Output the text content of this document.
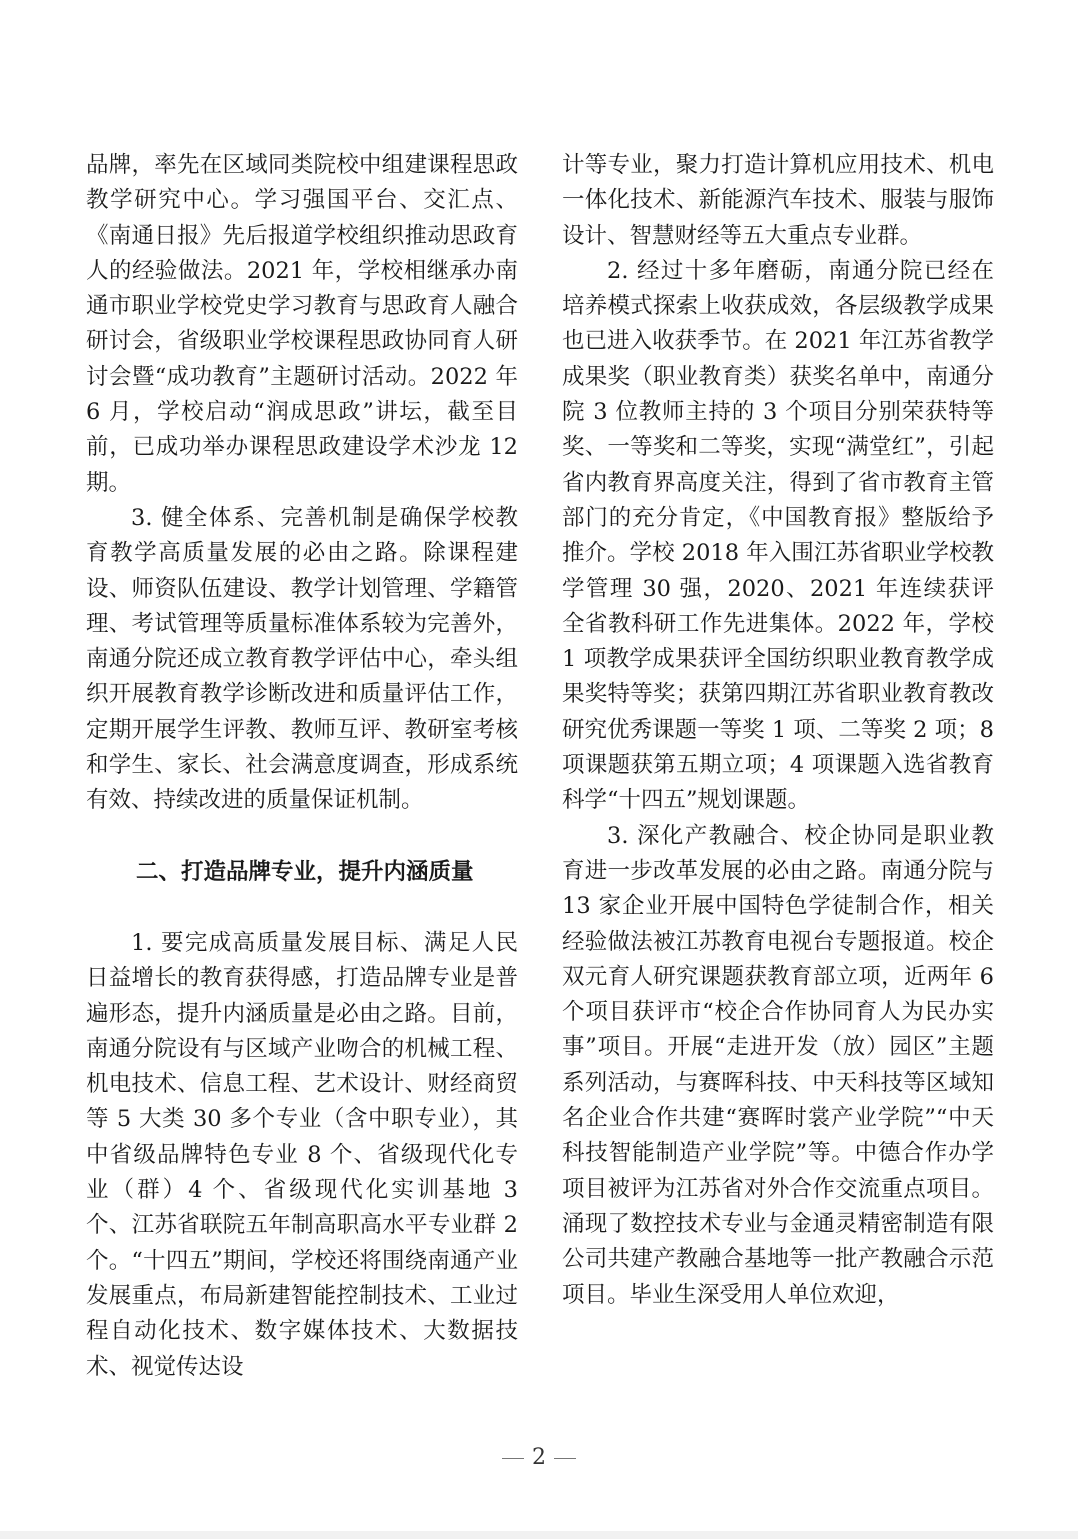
品牌，率先在区域同类院校中组建课程思政教学研究中心。学习强国平台、交汇点、《南通日报》先后报道学校组织推动思政育人的经验做法。2021 年，学校相继承办南通市职业学校党史学习教育与思政育人融合研讨会，省级职业学校课程思政协同育人研讨会暨“成功教育”主题研讨活动。2022 年 6 月，学校启动“润成思政”讲坛，截至目前，已成功举办课程思政建设学术沙龙 12 期。

3. 健全体系、完善机制是确保学校教育教学高质量发展的必由之路。除课程建设、师资队伍建设、教学计划管理、学籍管理、考试管理等质量标准体系较为完善外，南通分院还成立教育教学评估中心，牵头组织开展教育教学诊断改进和质量评估工作，定期开展学生评教、教师互评、教研室考核和学生、家长、社会满意度调查，形成系统有效、持续改进的质量保证机制。

二、打造品牌专业，提升内涵质量

1. 要完成高质量发展目标、满足人民日益增长的教育获得感，打造品牌专业是普遍形态，提升内涵质量是必由之路。目前，南通分院设有与区域产业吻合的机械工程、机电技术、信息工程、艺术设计、财经商贸等 5 大类 30 多个专业（含中职专业），其中省级品牌特色专业 8 个、省级现代化专业（群）4 个、省级现代化实训基地 3 个、江苏省联院五年制高职高水平专业群 2 个。“十四五”期间，学校还将围绕南通产业发展重点，布局新建智能控制技术、工业过程自动化技术、数字媒体技术、大数据技术、视觉传达设

计等专业，聚力打造计算机应用技术、机电一体化技术、新能源汽车技术、服装与服饰设计、智慧财经等五大重点专业群。

2. 经过十多年磨砺，南通分院已经在培养模式探索上收获成效，各层级教学成果也已进入收获季节。在 2021 年江苏省教学成果奖（职业教育类）获奖名单中，南通分院 3 位教师主持的 3 个项目分别荣获特等奖、一等奖和二等奖，实现“满堂红”，引起省内教育界高度关注，得到了省市教育主管部门的充分肯定，《中国教育报》整版给予推介。学校 2018 年入围江苏省职业学校教学管理 30 强，2020、2021 年连续获评全省教科研工作先进集体。2022 年，学校 1 项教学成果获评全国纺织职业教育教学成果奖特等奖；获第四期江苏省职业教育教改研究优秀课题一等奖 1 项、二等奖 2 项；8 项课题获第五期立项；4 项课题入选省教育科学“十四五”规划课题。

3. 深化产教融合、校企协同是职业教育进一步改革发展的必由之路。南通分院与 13 家企业开展中国特色学徒制合作，相关经验做法被江苏教育电视台专题报道。校企双元育人研究课题获教育部立项，近两年 6 个项目获评市“校企合作协同育人为民办实事”项目。开展“走进开发（放）园区”主题系列活动，与赛晖科技、中天科技等区域知名企业合作共建“赛晖时裳产业学院”“中天科技智能制造产业学院”等。中德合作办学项目被评为江苏省对外合作交流重点项目。涌现了数控技术专业与金通灵精密制造有限公司共建产教融合基地等一批产教融合示范项目。毕业生深受用人单位欢迎，

2
